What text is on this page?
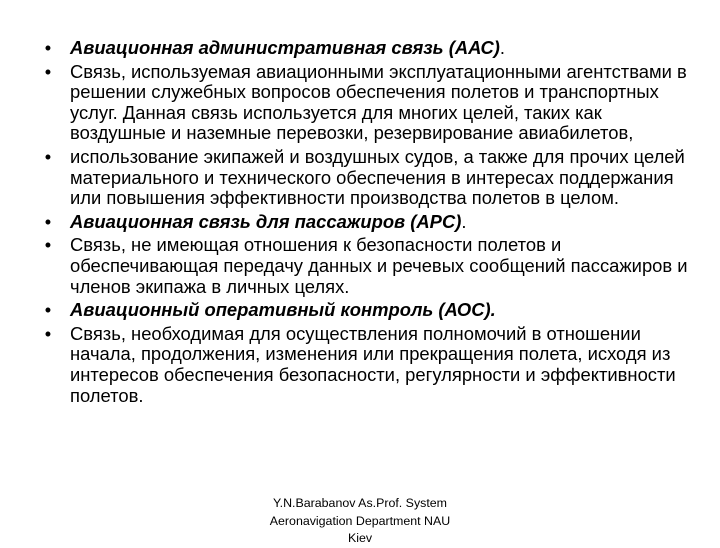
•	Авиационная административная связь (ААС).
•	Связь, используемая авиационными эксплуатационными агентствами в решении служебных вопросов обеспечения полетов и транспортных услуг. Данная связь используется для многих целей, таких как воздушные и наземные перевозки, резервирование авиабилетов,
•	использование экипажей и воздушных судов, а также для прочих целей материального и технического обеспечения в интересах поддержания или повышения эффективности производства полетов в целом.
•	Авиационная связь для пассажиров (APC).
•	Связь, не имеющая отношения к безопасности полетов и обеспечивающая передачу данных и речевых сообщений пассажиров и членов экипажа в личных целях.
•	Авиационный оперативный контроль (АОС).
•	Связь, необходимая для осуществления полномочий в отношении начала, продолжения, изменения или прекращения полета, исходя из интересов обеспечения безопасности, регулярности и эффективности полетов.
Y.N.Barabanov As.Prof. System
Aeronavigation Department NAU
Kiev
